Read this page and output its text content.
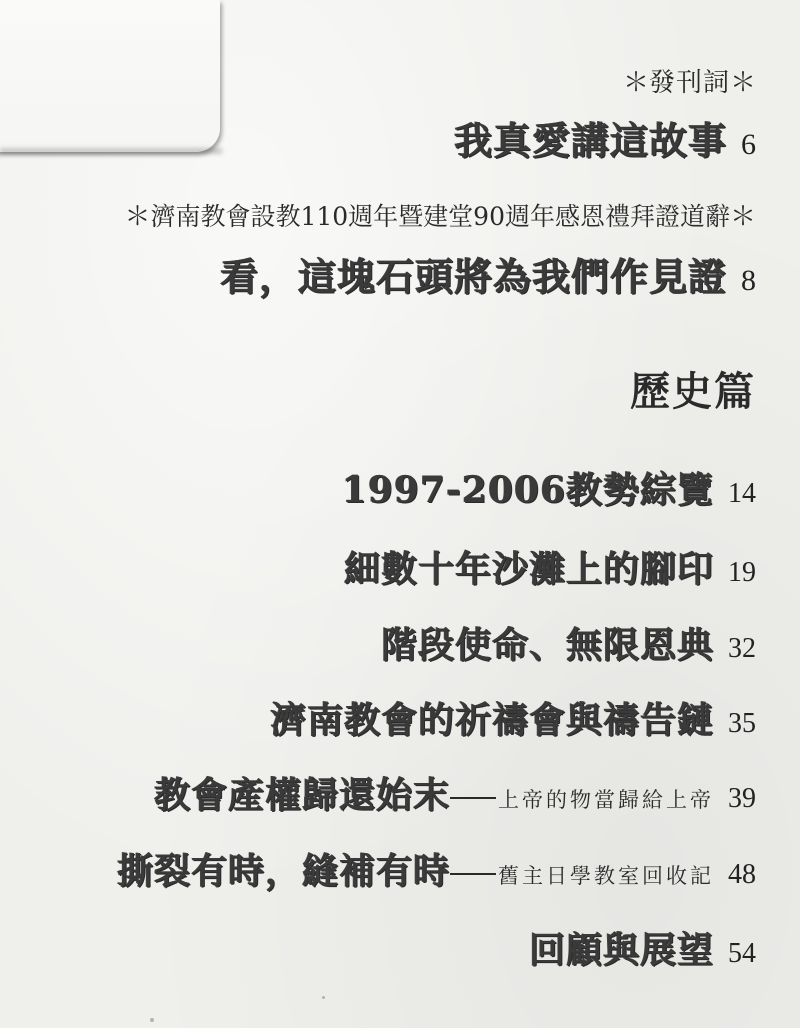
＊ 發刊詞 ＊
我真愛講這故事 6
＊ 濟南教會設教110週年暨建堂90週年感恩禮拜證道辭 ＊
看，這塊石頭將為我們作見證 8
歷史篇
1997-2006教勢綜覽 14
細數十年沙灘上的腳印 19
階段使命、無限恩典 32
濟南教會的祈禱會與禱告鏈 35
教會產權歸還始末 上帝的物當歸給上帝 39
撕裂有時，縫補有時 舊主日學教室回收記 48
回顧與展望 54
